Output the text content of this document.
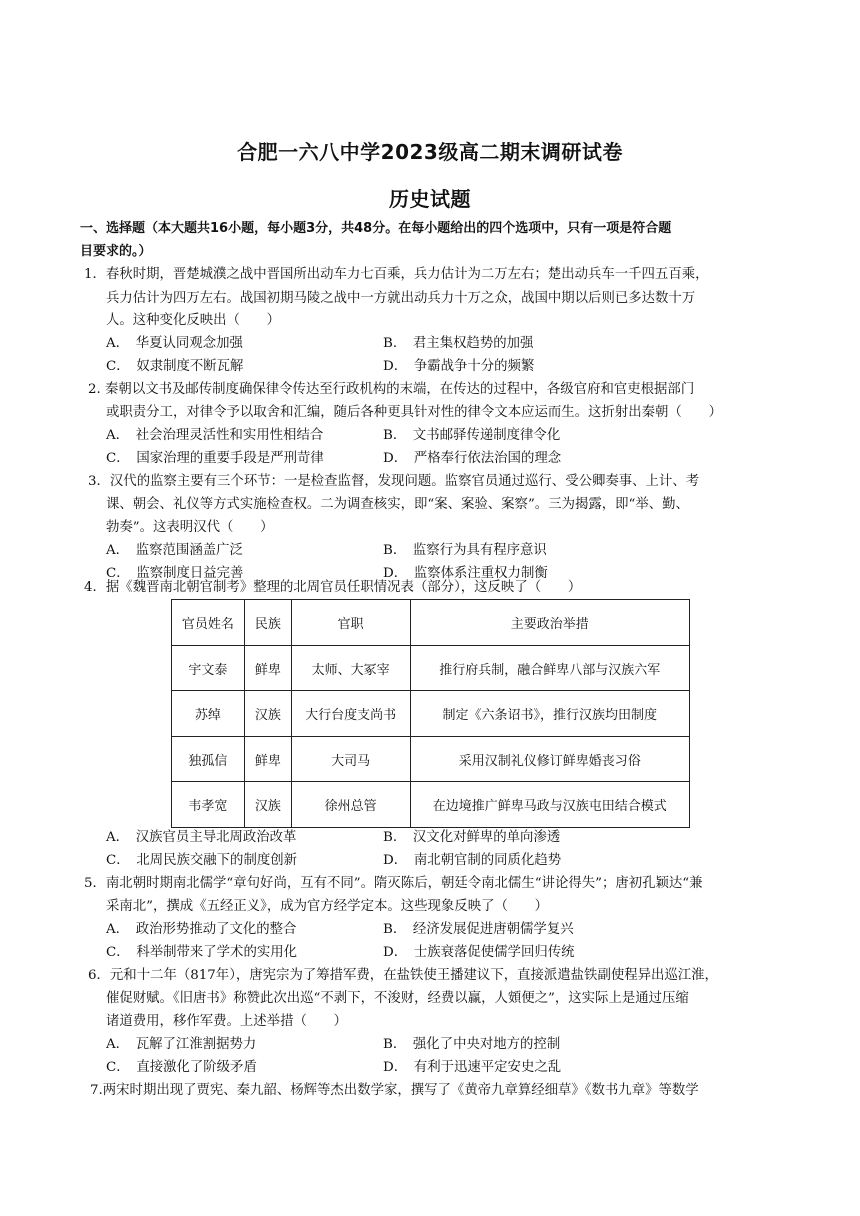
合肥一六八中学2023级高二期末调研试卷
历史试题
一、选择题（本大题共16小题，每小题3分，共48分。在每小题给出的四个选项中，只有一项是符合题
目要求的。）
1．春秋时期，晋楚城濮之战中晋国所出动车力七百乘，兵力估计为二万左右；楚出动兵车一千四五百乘，
兵力估计为四万左右。战国初期马陵之战中一方就出动兵力十万之众，战国中期以后则已多达数十万
人。这种变化反映出（　　）
A．　华夏认同观念加强	B．　君主集权趋势的加强
C．　奴隶制度不断瓦解	D．　争霸战争十分的频繁
2. 秦朝以文书及邮传制度确保律令传达至行政机构的末端，在传达的过程中，各级官府和官吏根据部门
或职责分工，对律令予以取舍和汇编，随后各种更具针对性的律令文本应运而生。这折射出秦朝（　　）
A．　社会治理灵活性和实用性相结合	B．　文书邮驿传递制度律令化
C．　国家治理的重要手段是严刑苛律	D．　严格奉行依法治国的理念
3．汉代的监察主要有三个环节：一是检查监督，发现问题。监察官员通过巡行、受公卿奏事、上计、考
课、朝会、礼仪等方式实施检查权。二为调查核实，即“案、案验、案察”。三为揭露，即“举、勤、
勃奏”。这表明汉代（　　）
A．　监察范围涵盖广泛	B．　监察行为具有程序意识
C．　监察制度日益完善	D．　监察体系注重权力制衡
4．据《魏晋南北朝官制考》整理的北周官员任职情况表（部分），这反映了（　　）
官员姓名	民族	官职	主要政治举措
宇文泰	鲜卑	太师、大冢宰	推行府兵制，融合鲜卑八部与汉族六军
苏绰	汉族	大行台度支尚书	制定《六条诏书》，推行汉族均田制度
独孤信	鲜卑	大司马	采用汉制礼仪修订鲜卑婚丧习俗
韦孝宽	汉族	徐州总管	在边境推广鲜卑马政与汉族屯田结合模式
A．　汉族官员主导北周政治改革	B．　汉文化对鲜卑的单向渗透
C．　北周民族交融下的制度创新	D．　南北朝官制的同质化趋势
5．南北朝时期南北儒学“章句好尚，互有不同”。隋灭陈后，朝廷令南北儒生“讲论得失”；唐初孔颖达“兼
采南北”，撰成《五经正义》，成为官方经学定本。这些现象反映了（　　）
A．　政治形势推动了文化的整合	B．　经济发展促进唐朝儒学复兴
C．　科举制带来了学术的实用化	D．　士族衰落促使儒学回归传统
6．元和十二年（817年），唐宪宗为了筹措军费，在盐铁使王播建议下，直接派遣盐铁副使程异出巡江淮，
催促财赋。《旧唐书》称赞此次出巡“不剥下，不浚财，经费以赢，人頞便之”，这实际上是通过压缩
诸道费用，移作军费。上述举措（　　）
A．　瓦解了江淮割据势力	B．　强化了中央对地方的控制
C．　直接激化了阶级矛盾	D．　有利于迅速平定安史之乱
7.两宋时期出现了贾宪、秦九韶、杨辉等杰出数学家，撰写了《黄帝九章算经细草》《数书九章》等数学
